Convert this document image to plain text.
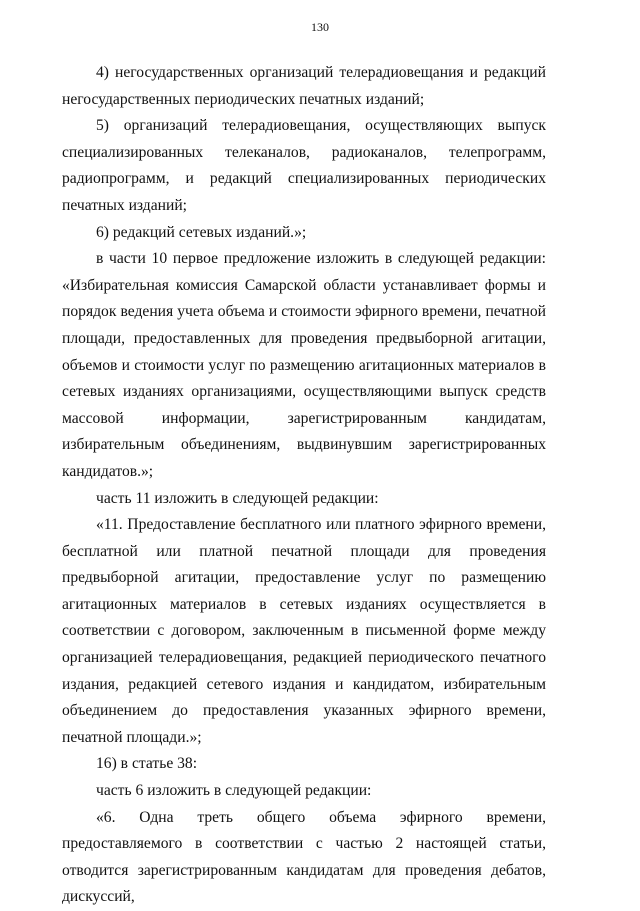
130

4) негосударственных организаций телерадиовещания и редакций негосударственных периодических печатных изданий;

5) организаций телерадиовещания, осуществляющих выпуск специализированных телеканалов, радиоканалов, телепрограмм, радиопрограмм, и редакций специализированных периодических печатных изданий;

6) редакций сетевых изданий.»;

в части 10 первое предложение изложить в следующей редакции: «Избирательная комиссия Самарской области устанавливает формы и порядок ведения учета объема и стоимости эфирного времени, печатной площади, предоставленных для проведения предвыборной агитации, объемов и стоимости услуг по размещению агитационных материалов в сетевых изданиях организациями, осуществляющими выпуск средств массовой информации, зарегистрированным кандидатам, избирательным объединениям, выдвинувшим зарегистрированных кандидатов.»;

часть 11 изложить в следующей редакции:

«11. Предоставление бесплатного или платного эфирного времени, бесплатной или платной печатной площади для проведения предвыборной агитации, предоставление услуг по размещению агитационных материалов в сетевых изданиях осуществляется в соответствии с договором, заключенным в письменной форме между организацией телерадиовещания, редакцией периодического печатного издания, редакцией сетевого издания и кандидатом, избирательным объединением до предоставления указанных эфирного времени, печатной площади.»;

16) в статье 38:

часть 6 изложить в следующей редакции:

«6. Одна треть общего объема эфирного времени, предоставляемого в соответствии с частью 2 настоящей статьи, отводится зарегистрированным кандидатам для проведения дебатов, дискуссий,
